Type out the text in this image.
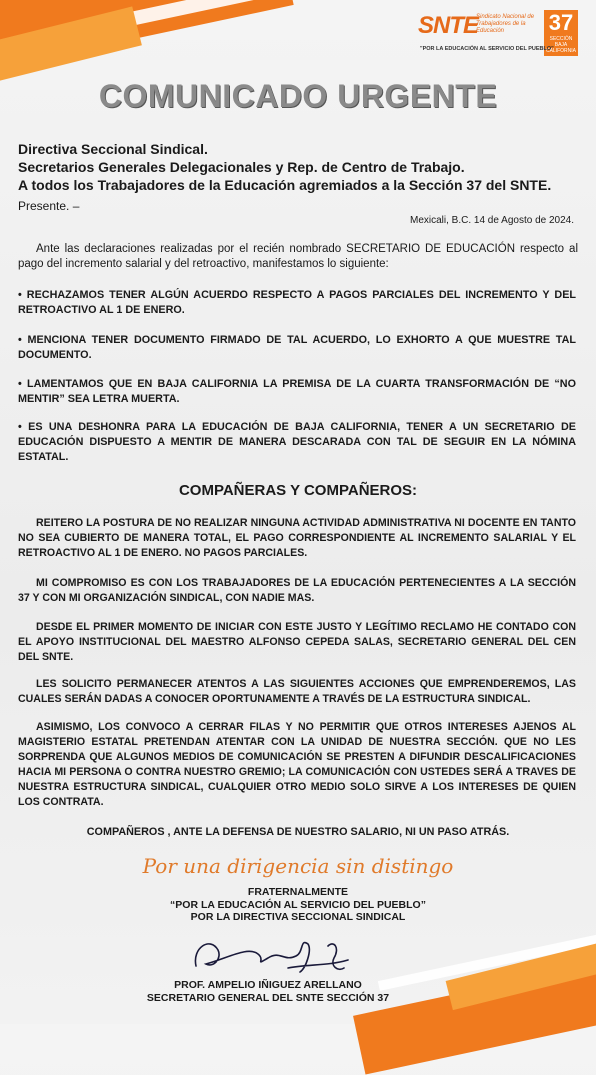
SNTE
Sindicato Nacional de Trabajadores de la Educación	37
SECCIÓN
BAJA CALIFORNIA
"POR LA EDUCACIÓN AL SERVICIO DEL PUEBLO"
COMUNICADO URGENTE
Directiva Seccional Sindical.
Secretarios Generales Delegacionales y Rep. de Centro de Trabajo.
A todos los Trabajadores de la Educación agremiados a la Sección 37 del SNTE.
Presente. –
Mexicali, B.C. 14 de Agosto de 2024.
Ante las declaraciones realizadas por el recién nombrado SECRETARIO DE EDUCACIÓN respecto al pago del incremento salarial y del retroactivo, manifestamos lo siguiente:
• RECHAZAMOS TENER ALGÚN ACUERDO RESPECTO A PAGOS PARCIALES DEL INCREMENTO Y DEL RETROACTIVO AL 1 DE ENERO.
• MENCIONA TENER DOCUMENTO FIRMADO DE TAL ACUERDO, LO EXHORTO A QUE MUESTRE TAL DOCUMENTO.
• LAMENTAMOS QUE EN BAJA CALIFORNIA LA PREMISA DE LA CUARTA TRANSFORMACIÓN DE “NO MENTIR” SEA LETRA MUERTA.
• ES UNA DESHONRA PARA LA EDUCACIÓN DE BAJA CALIFORNIA, TENER A UN SECRETARIO DE EDUCACIÓN DISPUESTO A MENTIR DE MANERA DESCARADA CON TAL DE SEGUIR EN LA NÓMINA ESTATAL.
COMPAÑERAS Y COMPAÑEROS:
REITERO LA POSTURA DE NO REALIZAR NINGUNA ACTIVIDAD ADMINISTRATIVA NI DOCENTE EN TANTO NO SEA CUBIERTO DE MANERA TOTAL, EL PAGO CORRESPONDIENTE AL INCREMENTO SALARIAL Y EL RETROACTIVO AL 1 DE ENERO. NO PAGOS PARCIALES.
MI COMPROMISO ES CON LOS TRABAJADORES DE LA EDUCACIÓN PERTENECIENTES A LA SECCIÓN 37 Y CON MI ORGANIZACIÓN SINDICAL, CON NADIE MAS.
DESDE EL PRIMER MOMENTO DE INICIAR CON ESTE JUSTO Y LEGÍTIMO RECLAMO HE CONTADO CON EL APOYO INSTITUCIONAL DEL MAESTRO ALFONSO CEPEDA SALAS, SECRETARIO GENERAL DEL CEN DEL SNTE.
LES SOLICITO PERMANECER ATENTOS A LAS SIGUIENTES ACCIONES QUE EMPRENDEREMOS, LAS CUALES SERÁN DADAS A CONOCER OPORTUNAMENTE A TRAVÉS DE LA ESTRUCTURA SINDICAL.
ASIMISMO, LOS CONVOCO A CERRAR FILAS Y NO PERMITIR QUE OTROS INTERESES AJENOS AL MAGISTERIO ESTATAL PRETENDAN ATENTAR CON LA UNIDAD DE NUESTRA SECCIÓN. QUE NO LES SORPRENDA QUE ALGUNOS MEDIOS DE COMUNICACIÓN SE PRESTEN A DIFUNDIR DESCALIFICACIONES HACIA MI PERSONA O CONTRA NUESTRO GREMIO; LA COMUNICACIÓN CON USTEDES SERÁ A TRAVES DE NUESTRA ESTRUCTURA SINDICAL, CUALQUIER OTRO MEDIO SOLO SIRVE A LOS INTERESES DE QUIEN LOS CONTRATA.
COMPAÑEROS , ANTE LA DEFENSA DE NUESTRO SALARIO, NI UN PASO ATRÁS.
Por una dirigencia sin distingo
FRATERNALMENTE
“POR LA EDUCACIÓN AL SERVICIO DEL PUEBLO”
POR LA DIRECTIVA SECCIONAL SINDICAL
PROF. AMPELIO IÑIGUEZ ARELLANO
SECRETARIO GENERAL DEL SNTE SECCIÓN 37
